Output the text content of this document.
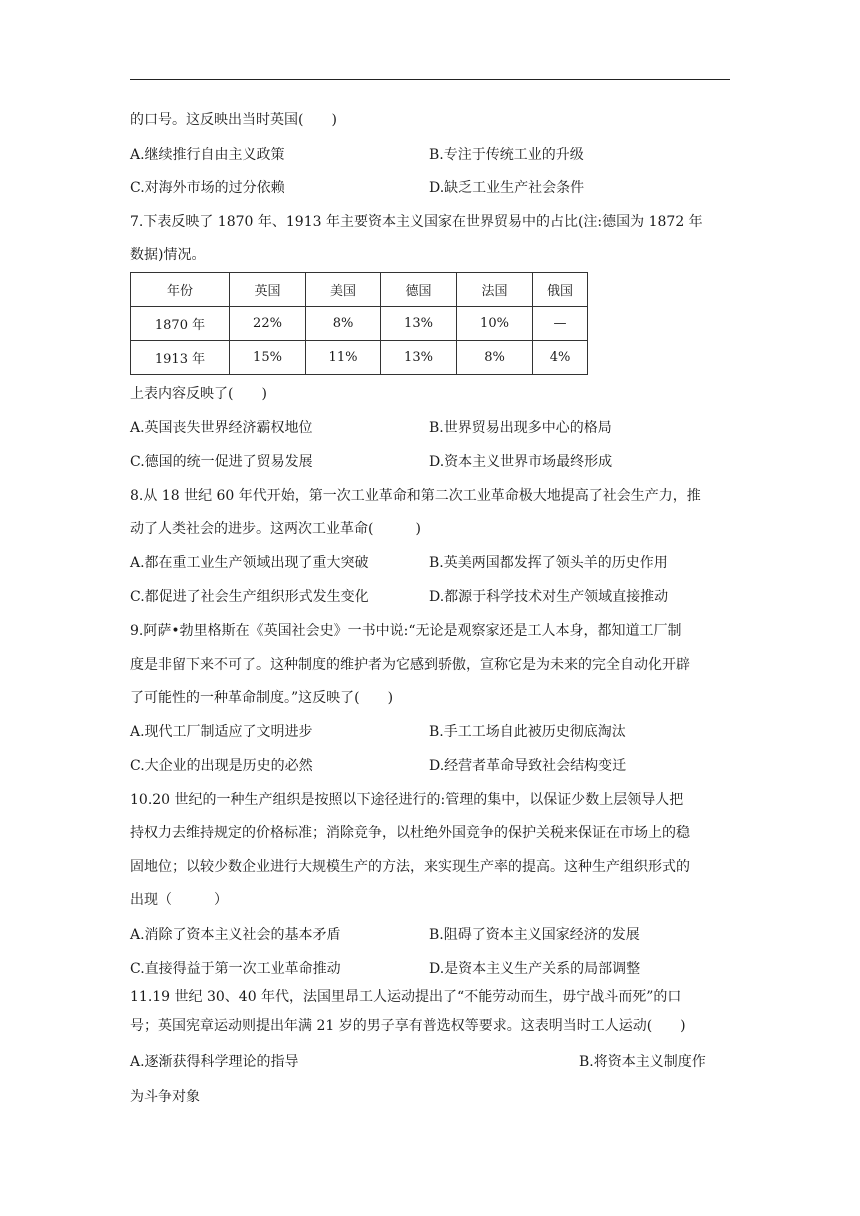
的口号。这反映出当时英国(　　)
A.继续推行自由主义政策	B.专注于传统工业的升级
C.对海外市场的过分依赖	D.缺乏工业生产社会条件
7.下表反映了 1870 年、1913 年主要资本主义国家在世界贸易中的占比(注:德国为 1872 年
数据)情况。
年份	英国	美国	德国	法国	俄国
1870 年	22%	8%	13%	10%	—
1913 年	15%	11%	13%	8%	4%
上表内容反映了(　　)
A.英国丧失世界经济霸权地位	B.世界贸易出现多中心的格局
C.德国的统一促进了贸易发展	D.资本主义世界市场最终形成
8.从 18 世纪 60 年代开始，第一次工业革命和第二次工业革命极大地提高了社会生产力，推
动了人类社会的进步。这两次工业革命(　　　)
A.都在重工业生产领域出现了重大突破	B.英美两国都发挥了领头羊的历史作用
C.都促进了社会生产组织形式发生变化	D.都源于科学技术对生产领域直接推动
9.阿萨•勃里格斯在《英国社会史》一书中说:“无论是观察家还是工人本身，都知道工厂制
度是非留下来不可了。这种制度的维护者为它感到骄傲，宣称它是为未来的完全自动化开辟
了可能性的一种革命制度。”这反映了(　　)
A.现代工厂制适应了文明进步	B.手工工场自此被历史彻底淘汰
C.大企业的出现是历史的必然	D.经营者革命导致社会结构变迁
10.20 世纪的一种生产组织是按照以下途径进行的:管理的集中，以保证少数上层领导人把
持权力去维持规定的价格标准；消除竞争，以杜绝外国竞争的保护关税来保证在市场上的稳
固地位；以较少数企业进行大规模生产的方法，来实现生产率的提高。这种生产组织形式的
出现（　　　）
A.消除了资本主义社会的基本矛盾	B.阻碍了资本主义国家经济的发展
C.直接得益于第一次工业革命推动	D.是资本主义生产关系的局部调整
11.19 世纪 30、40 年代，法国里昂工人运动提出了“不能劳动而生，毋宁战斗而死”的口
号；英国宪章运动则提出年满 21 岁的男子享有普选权等要求。这表明当时工人运动(　　)
A.逐渐获得科学理论的指导	B.将资本主义制度作
为斗争对象
